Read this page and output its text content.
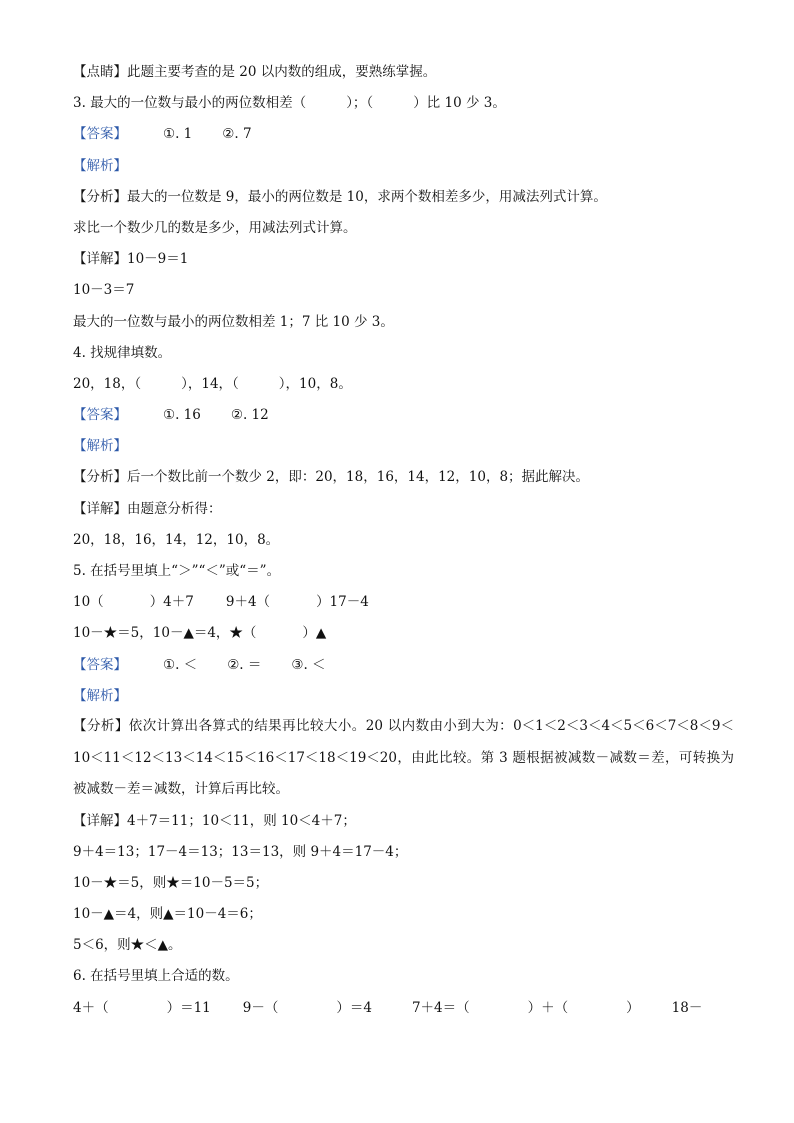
【点睛】此题主要考查的是 20 以内数的组成，要熟练掌握。
3. 最大的一位数与最小的两位数相差（	）；（	）比 10 少 3。
【答案】	①. 1 ②. 7
【解析】
【分析】最大的一位数是 9，最小的两位数是 10，求两个数相差多少，用减法列式计算。
求比一个数少几的数是多少，用减法列式计算。
【详解】10－9＝1
10－3＝7
最大的一位数与最小的两位数相差 1；7 比 10 少 3。
4. 找规律填数。
20，18，（	），14，（	），10，8。
【答案】	①. 16 ②. 12
【解析】
【分析】后一个数比前一个数少 2，即：20，18，16，14，12，10，8；据此解决。
【详解】由题意分析得：
20，18，16，14，12，10，8。
5. 在括号里填上“＞”“＜”或“＝”。
10（	）4＋7 9＋4（	）17－4
10－★＝5，10－▲＝4，★（	）▲
【答案】	①. ＜ ②. ＝ ③. ＜
【解析】
【分析】依次计算出各算式的结果再比较大小。20 以内数由小到大为：0＜1＜2＜3＜4＜5＜6＜7＜8＜9＜10＜11＜12＜13＜14＜15＜16＜17＜18＜19＜20，由此比较。第 3 题根据被减数－减数＝差，可转换为被减数－差＝减数，计算后再比较。
【详解】4＋7＝11；10＜11，则 10＜4＋7；
9＋4＝13；17－4＝13；13＝13，则 9＋4＝17－4；
10－★＝5，则★＝10－5＝5；
10－▲＝4，则▲＝10－4＝6；
5＜6，则★＜▲。
6. 在括号里填上合适的数。
4＋（	）＝11 9－（	）＝4	7＋4＝（	）＋（	） 18－
